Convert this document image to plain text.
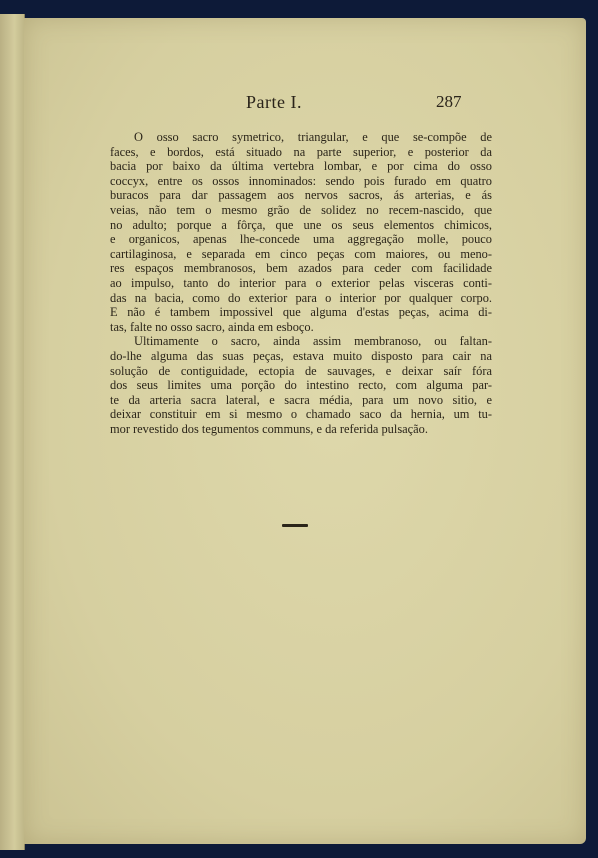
Parte I.	287
O osso sacro symetrico, triangular, e que se-compõe de
faces, e bordos, está situado na parte superior, e posterior da
bacia por baixo da última vertebra lombar, e por cima do osso
coccyx, entre os ossos innominados: sendo pois furado em quatro
buracos para dar passagem aos nervos sacros, ás arterias, e ás
veias, não tem o mesmo grão de solidez no recem-nascido, que
no adulto; porque a fôrça, que une os seus elementos chimicos,
e organicos, apenas lhe-concede uma aggregação molle, pouco
cartilaginosa, e separada em cinco peças com maiores, ou meno-
res espaços membranosos, bem azados para ceder com facilidade
ao impulso, tanto do interior para o exterior pelas visceras conti-
das na bacia, como do exterior para o interior por qualquer corpo.
E não é tambem impossivel que alguma d'estas peças, acima di-
tas, falte no osso sacro, ainda em esboço.
Ultimamente o sacro, ainda assim membranoso, ou faltan-
do-lhe alguma das suas peças, estava muito disposto para cair na
solução de contiguidade, ectopia de sauvages, e deixar saír fóra
dos seus limites uma porção do intestino recto, com alguma par-
te da arteria sacra lateral, e sacra média, para um novo sitio, e
deixar constituir em si mesmo o chamado saco da hernia, um tu-
mor revestido dos tegumentos communs, e da referida pulsação.
